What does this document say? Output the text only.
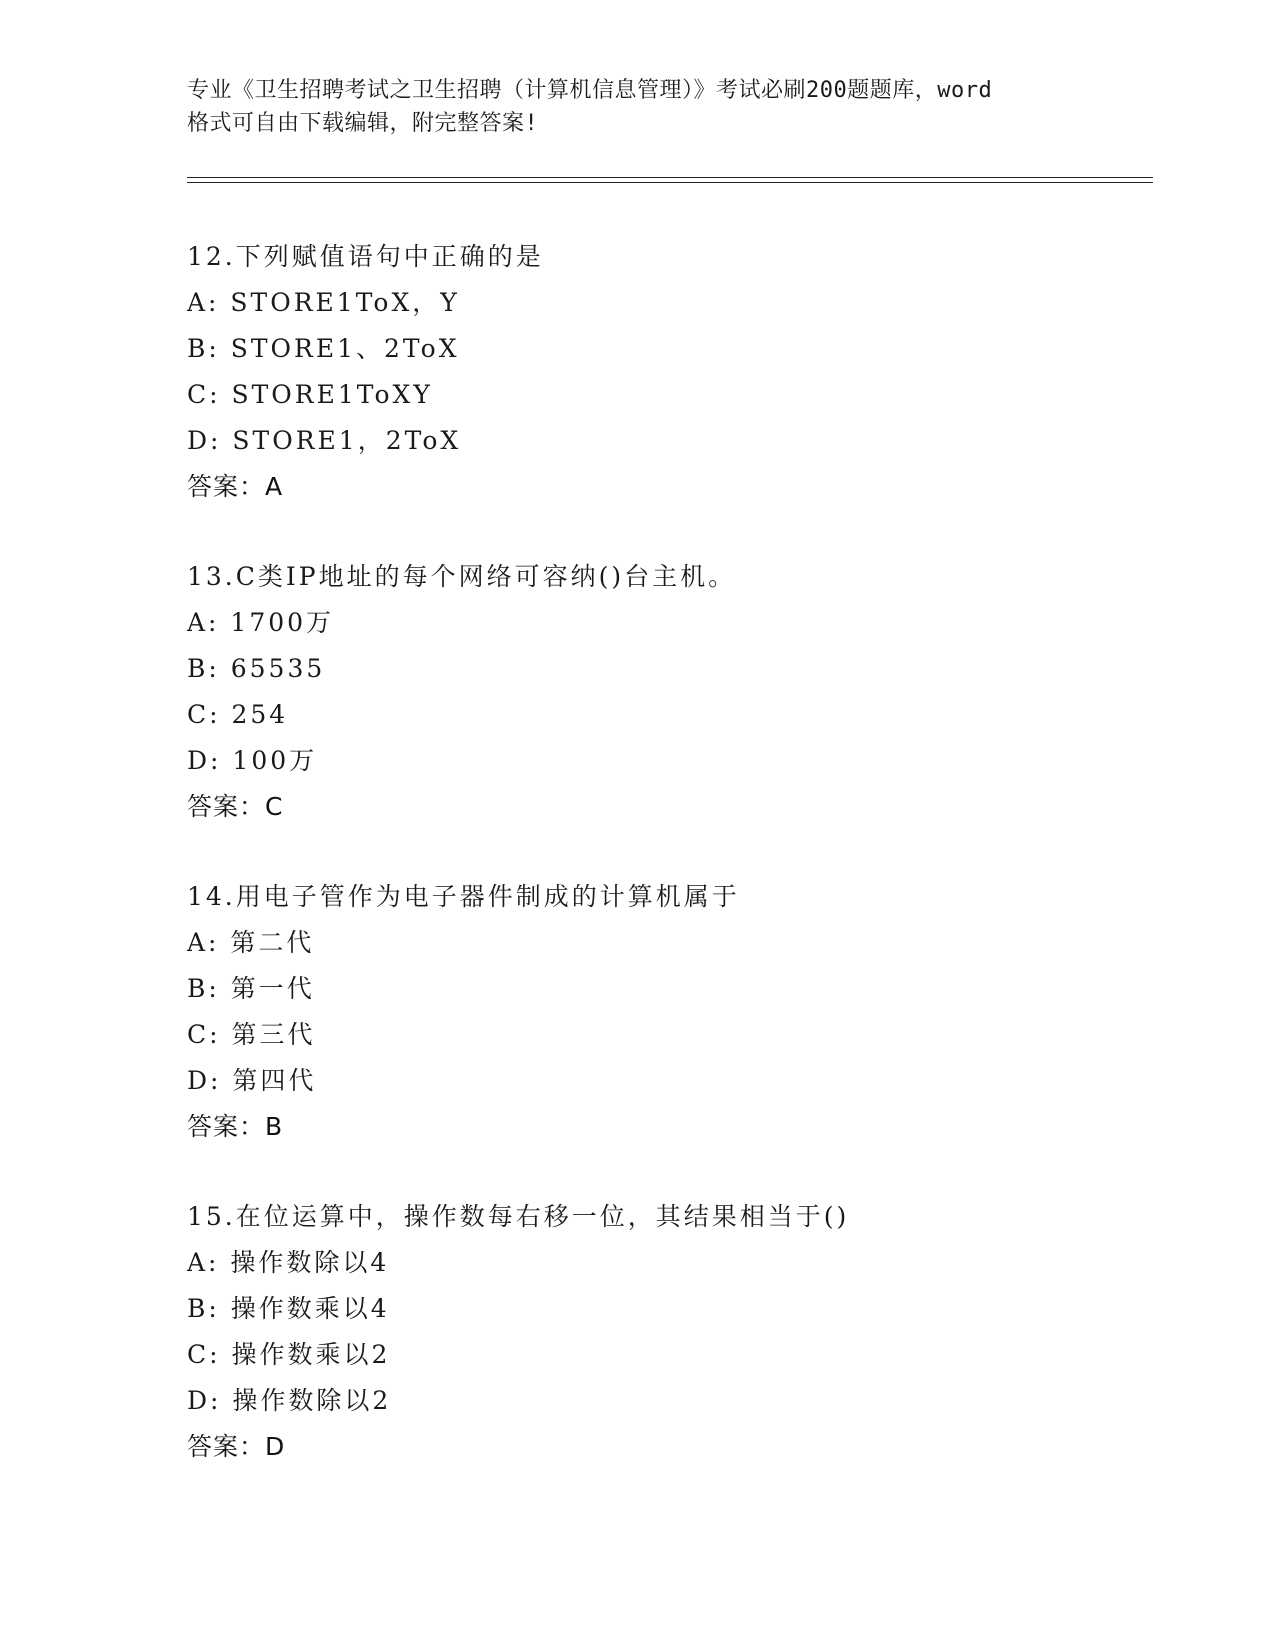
专业《卫生招聘考试之卫生招聘（计算机信息管理）》考试必刷200题题库，word
格式可自由下载编辑，附完整答案!
12.下列赋值语句中正确的是
A: STORE1ToX，Y
B: STORE1、2ToX
C: STORE1ToXY
D: STORE1，2ToX
答案：A
13.C类IP地址的每个网络可容纳()台主机。
A: 1700万
B: 65535
C: 254
D: 100万
答案：C
14.用电子管作为电子器件制成的计算机属于
A: 第二代
B: 第一代
C: 第三代
D: 第四代
答案：B
15.在位运算中，操作数每右移一位，其结果相当于()
A: 操作数除以4
B: 操作数乘以4
C: 操作数乘以2
D: 操作数除以2
答案：D
